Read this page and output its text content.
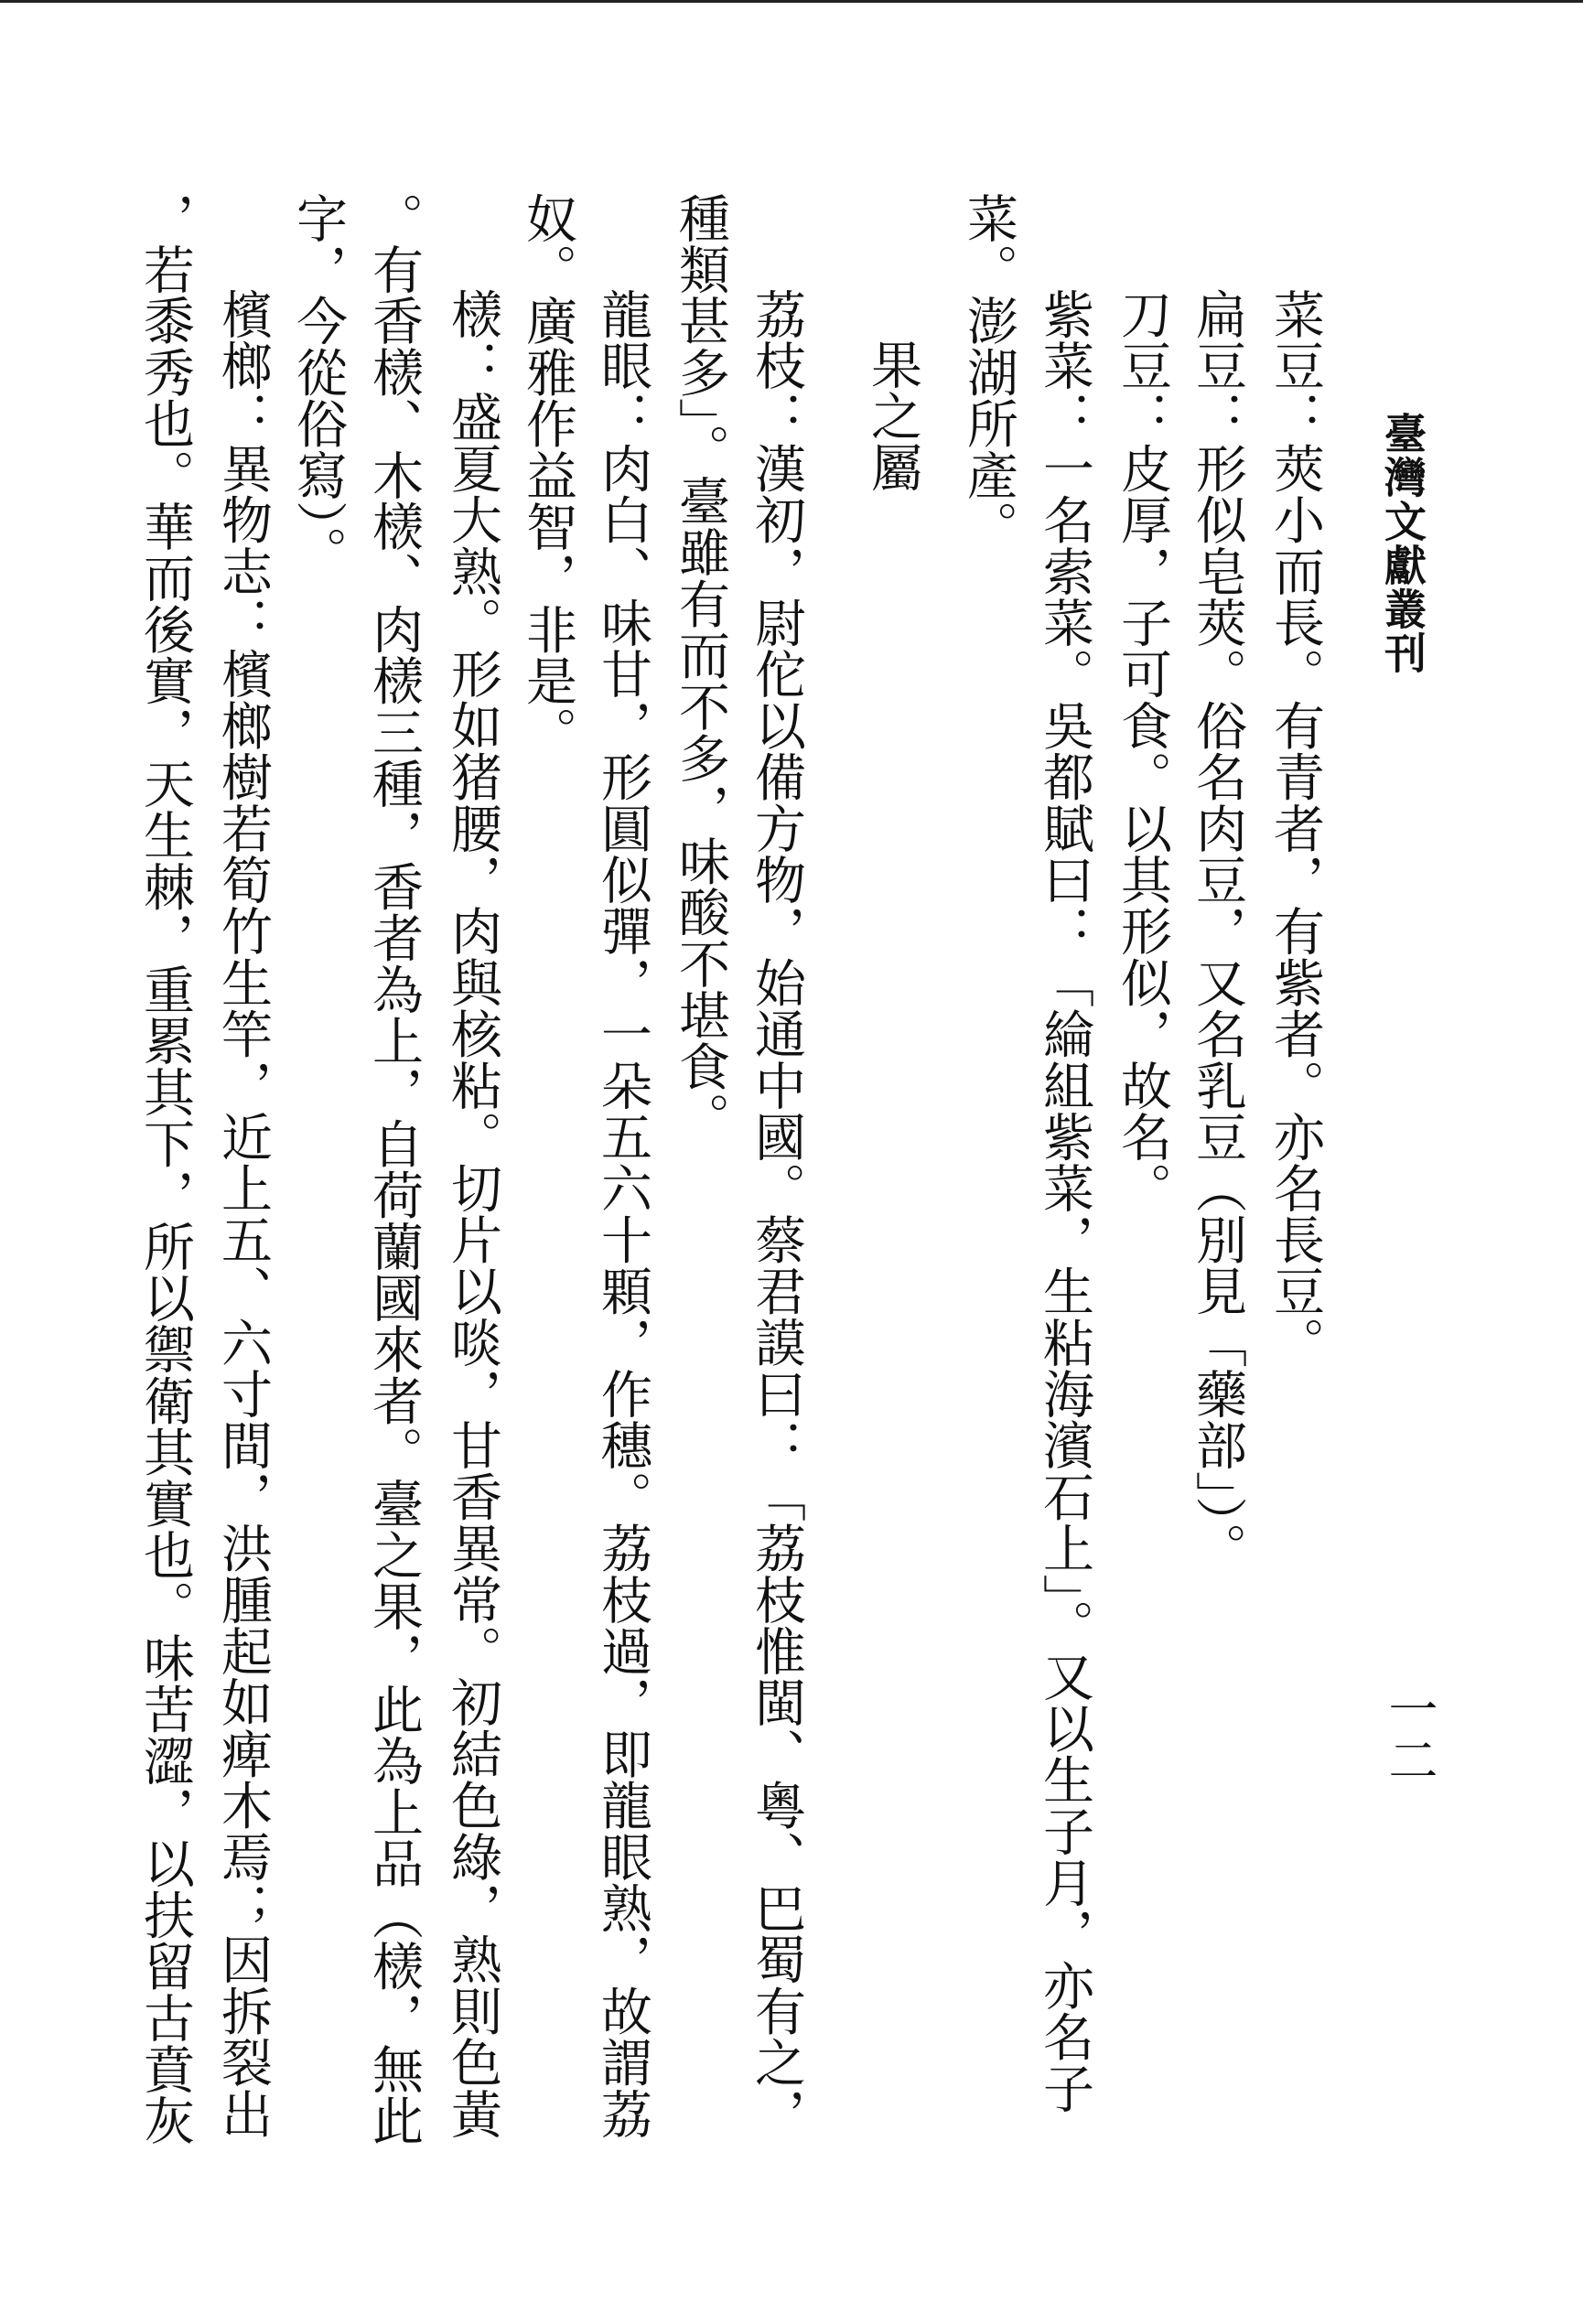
臺灣文獻叢刊
一二
菜豆：莢小而長。有青者，有紫者。亦名長豆。
扁豆：形似皂莢。俗名肉豆，又名乳豆（別見「藥部」）。
刀豆：皮厚，子可食。以其形似，故名。
紫菜：一名索菜。吳都賦曰：「綸組紫菜，生粘海濱石上」。又以生子月，亦名子
菜。澎湖所產。
果之屬
荔枝：漢初，尉佗以備方物，始通中國。蔡君謨曰：「荔枝惟閩、粵、巴蜀有之，
種類甚多」。臺雖有而不多，味酸不堪食。
龍眼：肉白、味甘，形圓似彈，一朵五六十顆，作穗。荔枝過，即龍眼熟，故謂荔
奴。廣雅作益智，非是。
檨：盛夏大熟。形如猪腰，肉與核粘。切片以啖，甘香異常。初結色綠，熟則色黃
。有香檨、木檨、肉檨三種，香者為上，自荷蘭國來者。臺之果，此為上品（檨，無此
字，今從俗寫）。
檳榔：異物志：檳榔樹若筍竹生竿，近上五、六寸間，洪腫起如痺木焉；因拆裂出
，若黍秀也。華而後實，天生棘，重累其下，所以禦衛其實也。味苦澀，以扶留古賁灰
